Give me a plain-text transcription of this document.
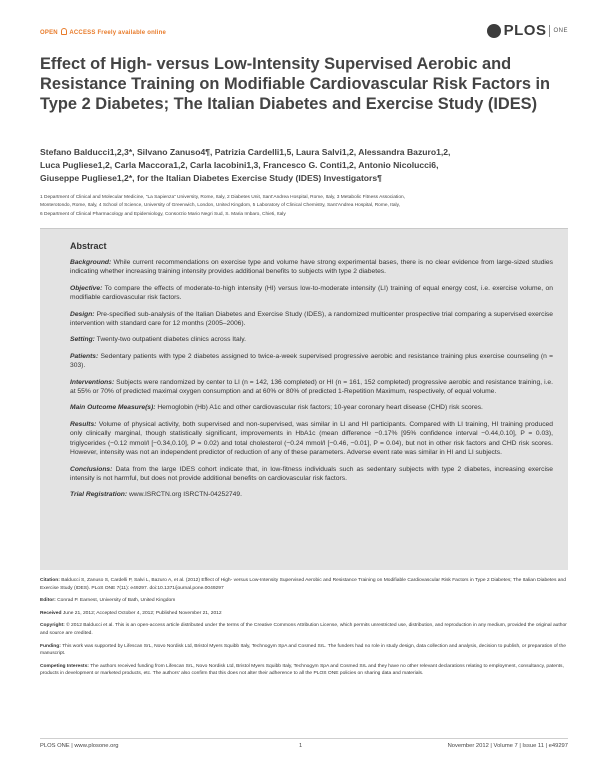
OPEN ACCESS Freely available online	PLOS ONE
Effect of High- versus Low-Intensity Supervised Aerobic and Resistance Training on Modifiable Cardiovascular Risk Factors in Type 2 Diabetes; The Italian Diabetes and Exercise Study (IDES)
Stefano Balducci1,2,3*, Silvano Zanuso4¶, Patrizia Cardelli1,5, Laura Salvi1,2, Alessandra Bazuro1,2,
Luca Pugliese1,2, Carla Maccora1,2, Carla Iacobini1,3, Francesco G. Conti1,2, Antonio Nicolucci6,
Giuseppe Pugliese1,2*, for the Italian Diabetes Exercise Study (IDES) Investigators¶
1 Department of Clinical and Molecular Medicine, “La Sapienza” University, Rome, Italy, 2 Diabetes Unit, Sant’Andrea Hospital, Rome, Italy, 3 Metabolic Fitness Association,
Monterotondo, Rome, Italy, 4 School of Science, University of Greenwich, London, United Kingdom, 5 Laboratory of Clinical Chemistry, Sant’Andrea Hospital, Rome, Italy,
6 Department of Clinical Pharmacology and Epidemiology, Consorzio Mario Negri Sud, S. Maria Imbaro, Chieti, Italy
Abstract

Background: While current recommendations on exercise type and volume have strong experimental bases, there is no clear evidence from large-sized studies indicating whether increasing training intensity provides additional benefits to subjects with type 2 diabetes.

Objective: To compare the effects of moderate-to-high intensity (HI) versus low-to-moderate intensity (LI) training of equal energy cost, i.e. exercise volume, on modifiable cardiovascular risk factors.

Design: Pre-specified sub-analysis of the Italian Diabetes and Exercise Study (IDES), a randomized multicenter prospective trial comparing a supervised exercise intervention with standard care for 12 months (2005–2006).

Setting: Twenty-two outpatient diabetes clinics across Italy.

Patients: Sedentary patients with type 2 diabetes assigned to twice-a-week supervised progressive aerobic and resistance training plus exercise counseling (n = 303).

Interventions: Subjects were randomized by center to LI (n = 142, 136 completed) or HI (n = 161, 152 completed) progressive aerobic and resistance training, i.e. at 55% or 70% of predicted maximal oxygen consumption and at 60% or 80% of predicted 1-Repetition Maximum, respectively, of equal volume.

Main Outcome Measure(s): Hemoglobin (Hb) A1c and other cardiovascular risk factors; 10-year coronary heart disease (CHD) risk scores.

Results: Volume of physical activity, both supervised and non-supervised, was similar in LI and HI participants. Compared with LI training, HI training produced only clinically marginal, though statistically significant, improvements in HbA1c (mean difference −0.17% [95% confidence interval −0.44,0.10], P = 0.03), triglycerides (−0.12 mmol/l [−0.34,0.10], P = 0.02) and total cholesterol (−0.24 mmol/l [−0.46, −0.01], P = 0.04), but not in other risk factors and CHD risk scores. However, intensity was not an independent predictor of reduction of any of these parameters. Adverse event rate was similar in HI and LI subjects.

Conclusions: Data from the large IDES cohort indicate that, in low-fitness individuals such as sedentary subjects with type 2 diabetes, increasing exercise intensity is not harmful, but does not provide additional benefits on cardiovascular risk factors.

Trial Registration: www.ISRCTN.org ISRCTN-04252749.

Citation: Balducci S, Zanuso S, Cardelli P, Salvi L, Bazuro A, et al. (2012) Effect of High- versus Low-Intensity Supervised Aerobic and Resistance Training on Modifiable Cardiovascular Risk Factors in Type 2 Diabetes; The Italian Diabetes and Exercise Study (IDES). PLoS ONE 7(11): e49297. doi:10.1371/journal.pone.0049297
Editor: Conrad P. Earnest, University of Bath, United Kingdom
Received June 21, 2012; Accepted October 4, 2012; Published November 21, 2012
Copyright: © 2012 Balducci et al. This is an open-access article distributed under the terms of the Creative Commons Attribution License, which permits unrestricted use, distribution, and reproduction in any medium, provided the original author and source are credited.
Funding: This work was supported by Lifescan SrL, Novo Nordisk Ltd, Bristol Myers Squibb Italy, Technogym SpA and Cosmed SrL. The funders had no role in study design, data collection and analysis, decision to publish, or preparation of the manuscript.
Competing Interests: The authors received funding from Lifescan SrL, Novo Nordisk Ltd, Bristol Myers Squibb Italy, Technogym SpA and Cosmed SrL and they have no other relevant declarations relating to employment, consultancy, patents, products in development or marketed products, etc. The authors' also confirm that this does not alter their adherence to all the PLOS ONE policies on sharing data and materials.
PLOS ONE | www.plosone.org	1	November 2012 | Volume 7 | Issue 11 | e49297
